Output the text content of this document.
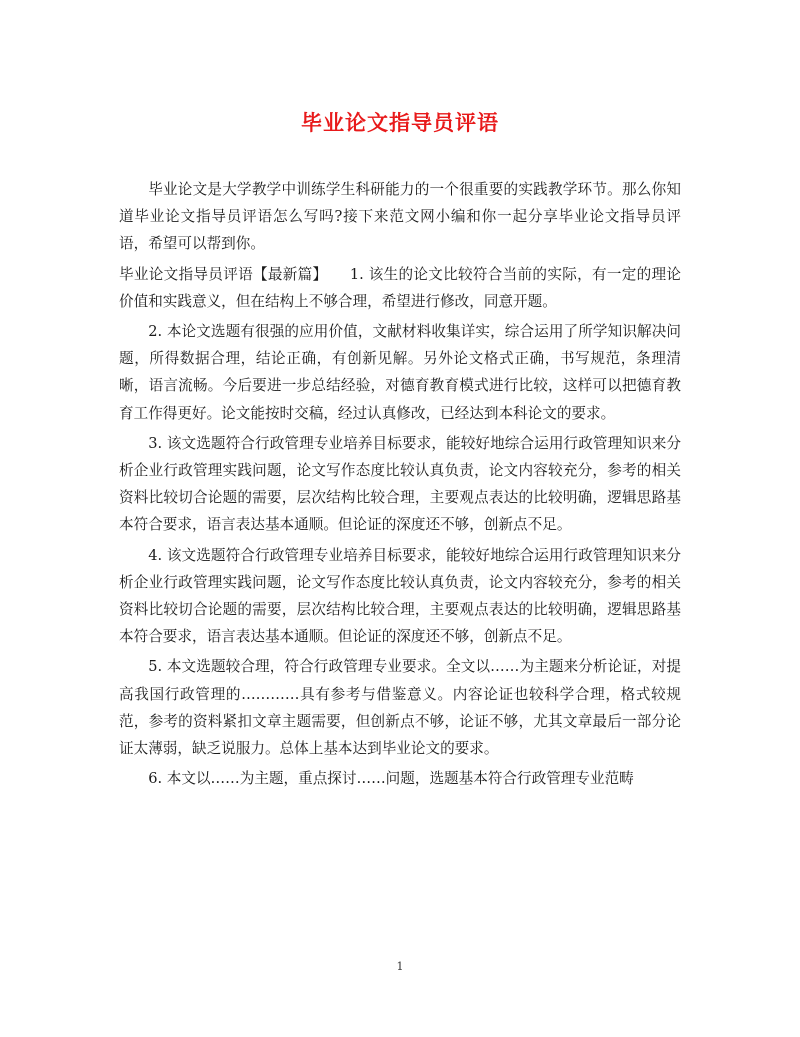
毕业论文指导员评语

毕业论文是大学教学中训练学生科研能力的一个很重要的实践教学环节。那么你知道毕业论文指导员评语怎么写吗?接下来范文网小编和你一起分享毕业论文指导员评语，希望可以帮到你。

毕业论文指导员评语【最新篇】　　1. 该生的论文比较符合当前的实际，有一定的理论价值和实践意义，但在结构上不够合理，希望进行修改，同意开题。

2. 本论文选题有很强的应用价值，文献材料收集详实，综合运用了所学知识解决问题，所得数据合理，结论正确，有创新见解。另外论文格式正确，书写规范，条理清晰，语言流畅。今后要进一步总结经验，对德育教育模式进行比较，这样可以把德育教育工作得更好。论文能按时交稿，经过认真修改，已经达到本科论文的要求。

3. 该文选题符合行政管理专业培养目标要求，能较好地综合运用行政管理知识来分析企业行政管理实践问题，论文写作态度比较认真负责，论文内容较充分，参考的相关资料比较切合论题的需要，层次结构比较合理，主要观点表达的比较明确，逻辑思路基本符合要求，语言表达基本通顺。但论证的深度还不够，创新点不足。

4. 该文选题符合行政管理专业培养目标要求，能较好地综合运用行政管理知识来分析企业行政管理实践问题，论文写作态度比较认真负责，论文内容较充分，参考的相关资料比较切合论题的需要，层次结构比较合理，主要观点表达的比较明确，逻辑思路基本符合要求，语言表达基本通顺。但论证的深度还不够，创新点不足。

5. 本文选题较合理，符合行政管理专业要求。全文以……为主题来分析论证，对提高我国行政管理的…………具有参考与借鉴意义。内容论证也较科学合理，格式较规范，参考的资料紧扣文章主题需要，但创新点不够，论证不够，尤其文章最后一部分论证太薄弱，缺乏说服力。总体上基本达到毕业论文的要求。

6. 本文以……为主题，重点探讨……问题，选题基本符合行政管理专业范畴

1
